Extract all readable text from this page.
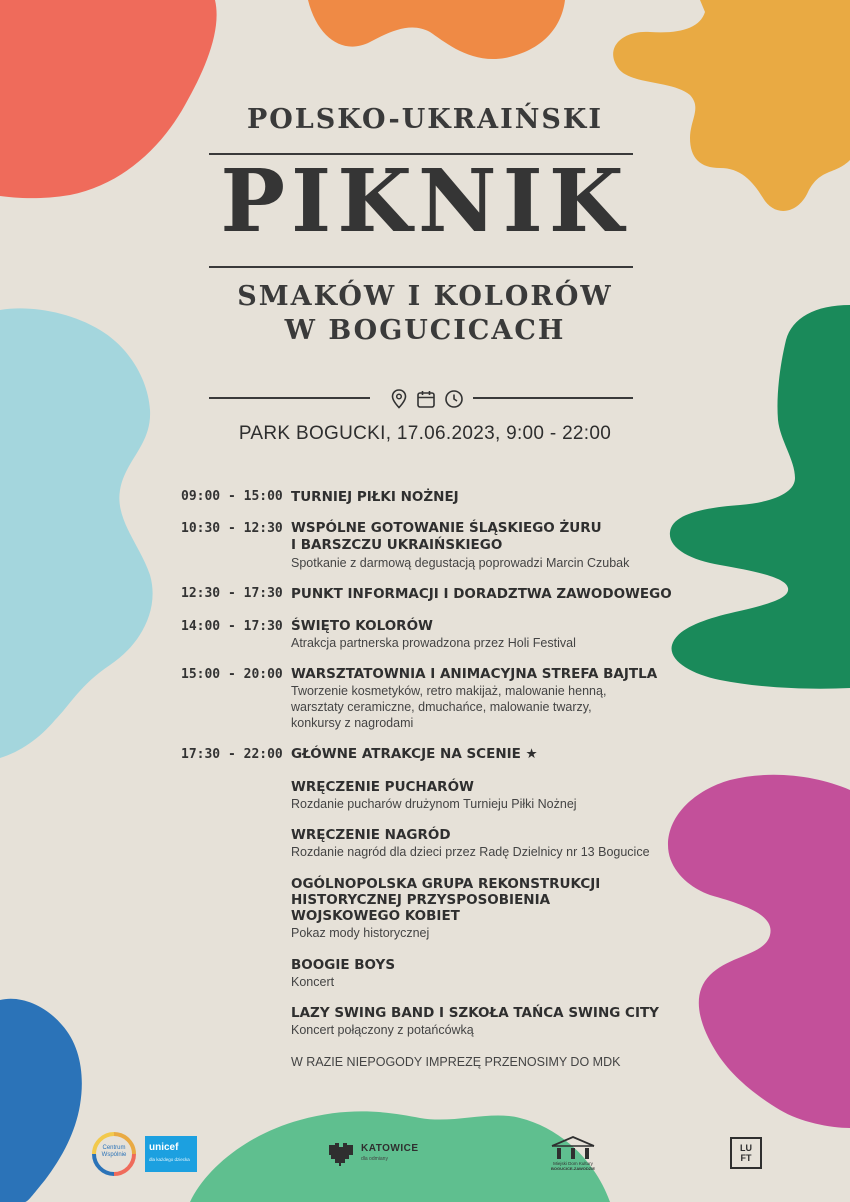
POLSKO-UKRAIŃSKI
PIKNIK
SMAKÓW I KOLORÓW
W BOGUCICACH
PARK BOGUCKI, 17.06.2023, 9:00 - 22:00
09:00 - 15:00 TURNIEJ PIŁKI NOŻNEJ
10:30 - 12:30 WSPÓLNE GOTOWANIE ŚLĄSKIEGO ŻURU
I BARSZCZU UKRAIŃSKIEGO
Spotkanie z darmową degustacją poprowadzi Marcin Czubak
12:30 - 17:30 PUNKT INFORMACJI I DORADZTWA ZAWODOWEGO
14:00 - 17:30 ŚWIĘTO KOLORÓW
Atrakcja partnerska prowadzona przez Holi Festival
15:00 - 20:00 WARSZTATOWNIA I ANIMACYJNA STREFA BAJTLA
Tworzenie kosmetyków, retro makijaż, malowanie henną,
warsztaty ceramiczne, dmuchańce, malowanie twarzy,
konkursy z nagrodami
17:30 - 22:00 GŁÓWNE ATRAKCJE NA SCENIE ★
WRĘCZENIE PUCHARÓW
Rozdanie pucharów drużynom Turnieju Piłki Nożnej
WRĘCZENIE NAGRÓD
Rozdanie nagród dla dzieci przez Radę Dzielnicy nr 13 Bogucice
OGÓLNOPOLSKA GRUPA REKONSTRUKCJI
HISTORYCZNEJ PRZYSPOSOBIENIA
WOJSKOWEGO KOBIET
Pokaz mody historycznej
BOOGIE BOYS
Koncert
LAZY SWING BAND I SZKOŁA TAŃCA SWING CITY
Koncert połączony z potańcówką
W RAZIE NIEPOGODY IMPREZĘ PRZENOSIMY DO MDK
Centrum
Wspólnie
unicef
dla każdego dziecka
KATOWICE
dla odmiany
Miejski Dom Kultury
BOGUCICE-ZAWODZIE
LU FT
